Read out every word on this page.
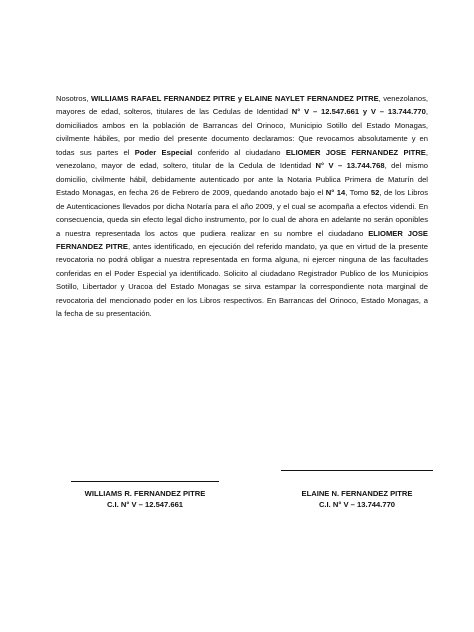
Nosotros, WILLIAMS RAFAEL FERNANDEZ PITRE y ELAINE NAYLET FERNANDEZ PITRE, venezolanos, mayores de edad, solteros, titulares de las Cedulas de Identidad N° V – 12.547.661 y V – 13.744.770, domiciliados ambos en la población de Barrancas del Orinoco, Municipio Sotillo del Estado Monagas, civilmente hábiles, por medio del presente documento declaramos: Que revocamos absolutamente y en todas sus partes el Poder Especial conferido al ciudadano ELIOMER JOSE FERNANDEZ PITRE, venezolano, mayor de edad, soltero, titular de la Cedula de Identidad N° V – 13.744.768, del mismo domicilio, civilmente hábil, debidamente autenticado por ante la Notaria Publica Primera de Maturín del Estado Monagas, en fecha 26 de Febrero de 2009, quedando anotado bajo el N° 14, Tomo 52, de los Libros de Autenticaciones llevados por dicha Notaría para el año 2009, y el cual se acompaña a efectos videndi. En consecuencia, queda sin efecto legal dicho instrumento, por lo cual de ahora en adelante no serán oponibles a nuestra representada los actos que pudiera realizar en su nombre el ciudadano ELIOMER JOSE FERNANDEZ PITRE, antes identificado, en ejecución del referido mandato, ya que en virtud de la presente revocatoria no podrá obligar a nuestra representada en forma alguna, ni ejercer ninguna de las facultades conferidas en el Poder Especial ya identificado. Solicito al ciudadano Registrador Publico de los Municipios Sotillo, Libertador y Uracoa del Estado Monagas se sirva estampar la correspondiente nota marginal de revocatoria del mencionado poder en los Libros respectivos. En Barrancas del Orinoco, Estado Monagas, a la fecha de su presentación.
WILLIAMS R. FERNANDEZ PITRE
C.I. N° V – 12.547.661
ELAINE N. FERNANDEZ PITRE
C.I. N° V – 13.744.770
